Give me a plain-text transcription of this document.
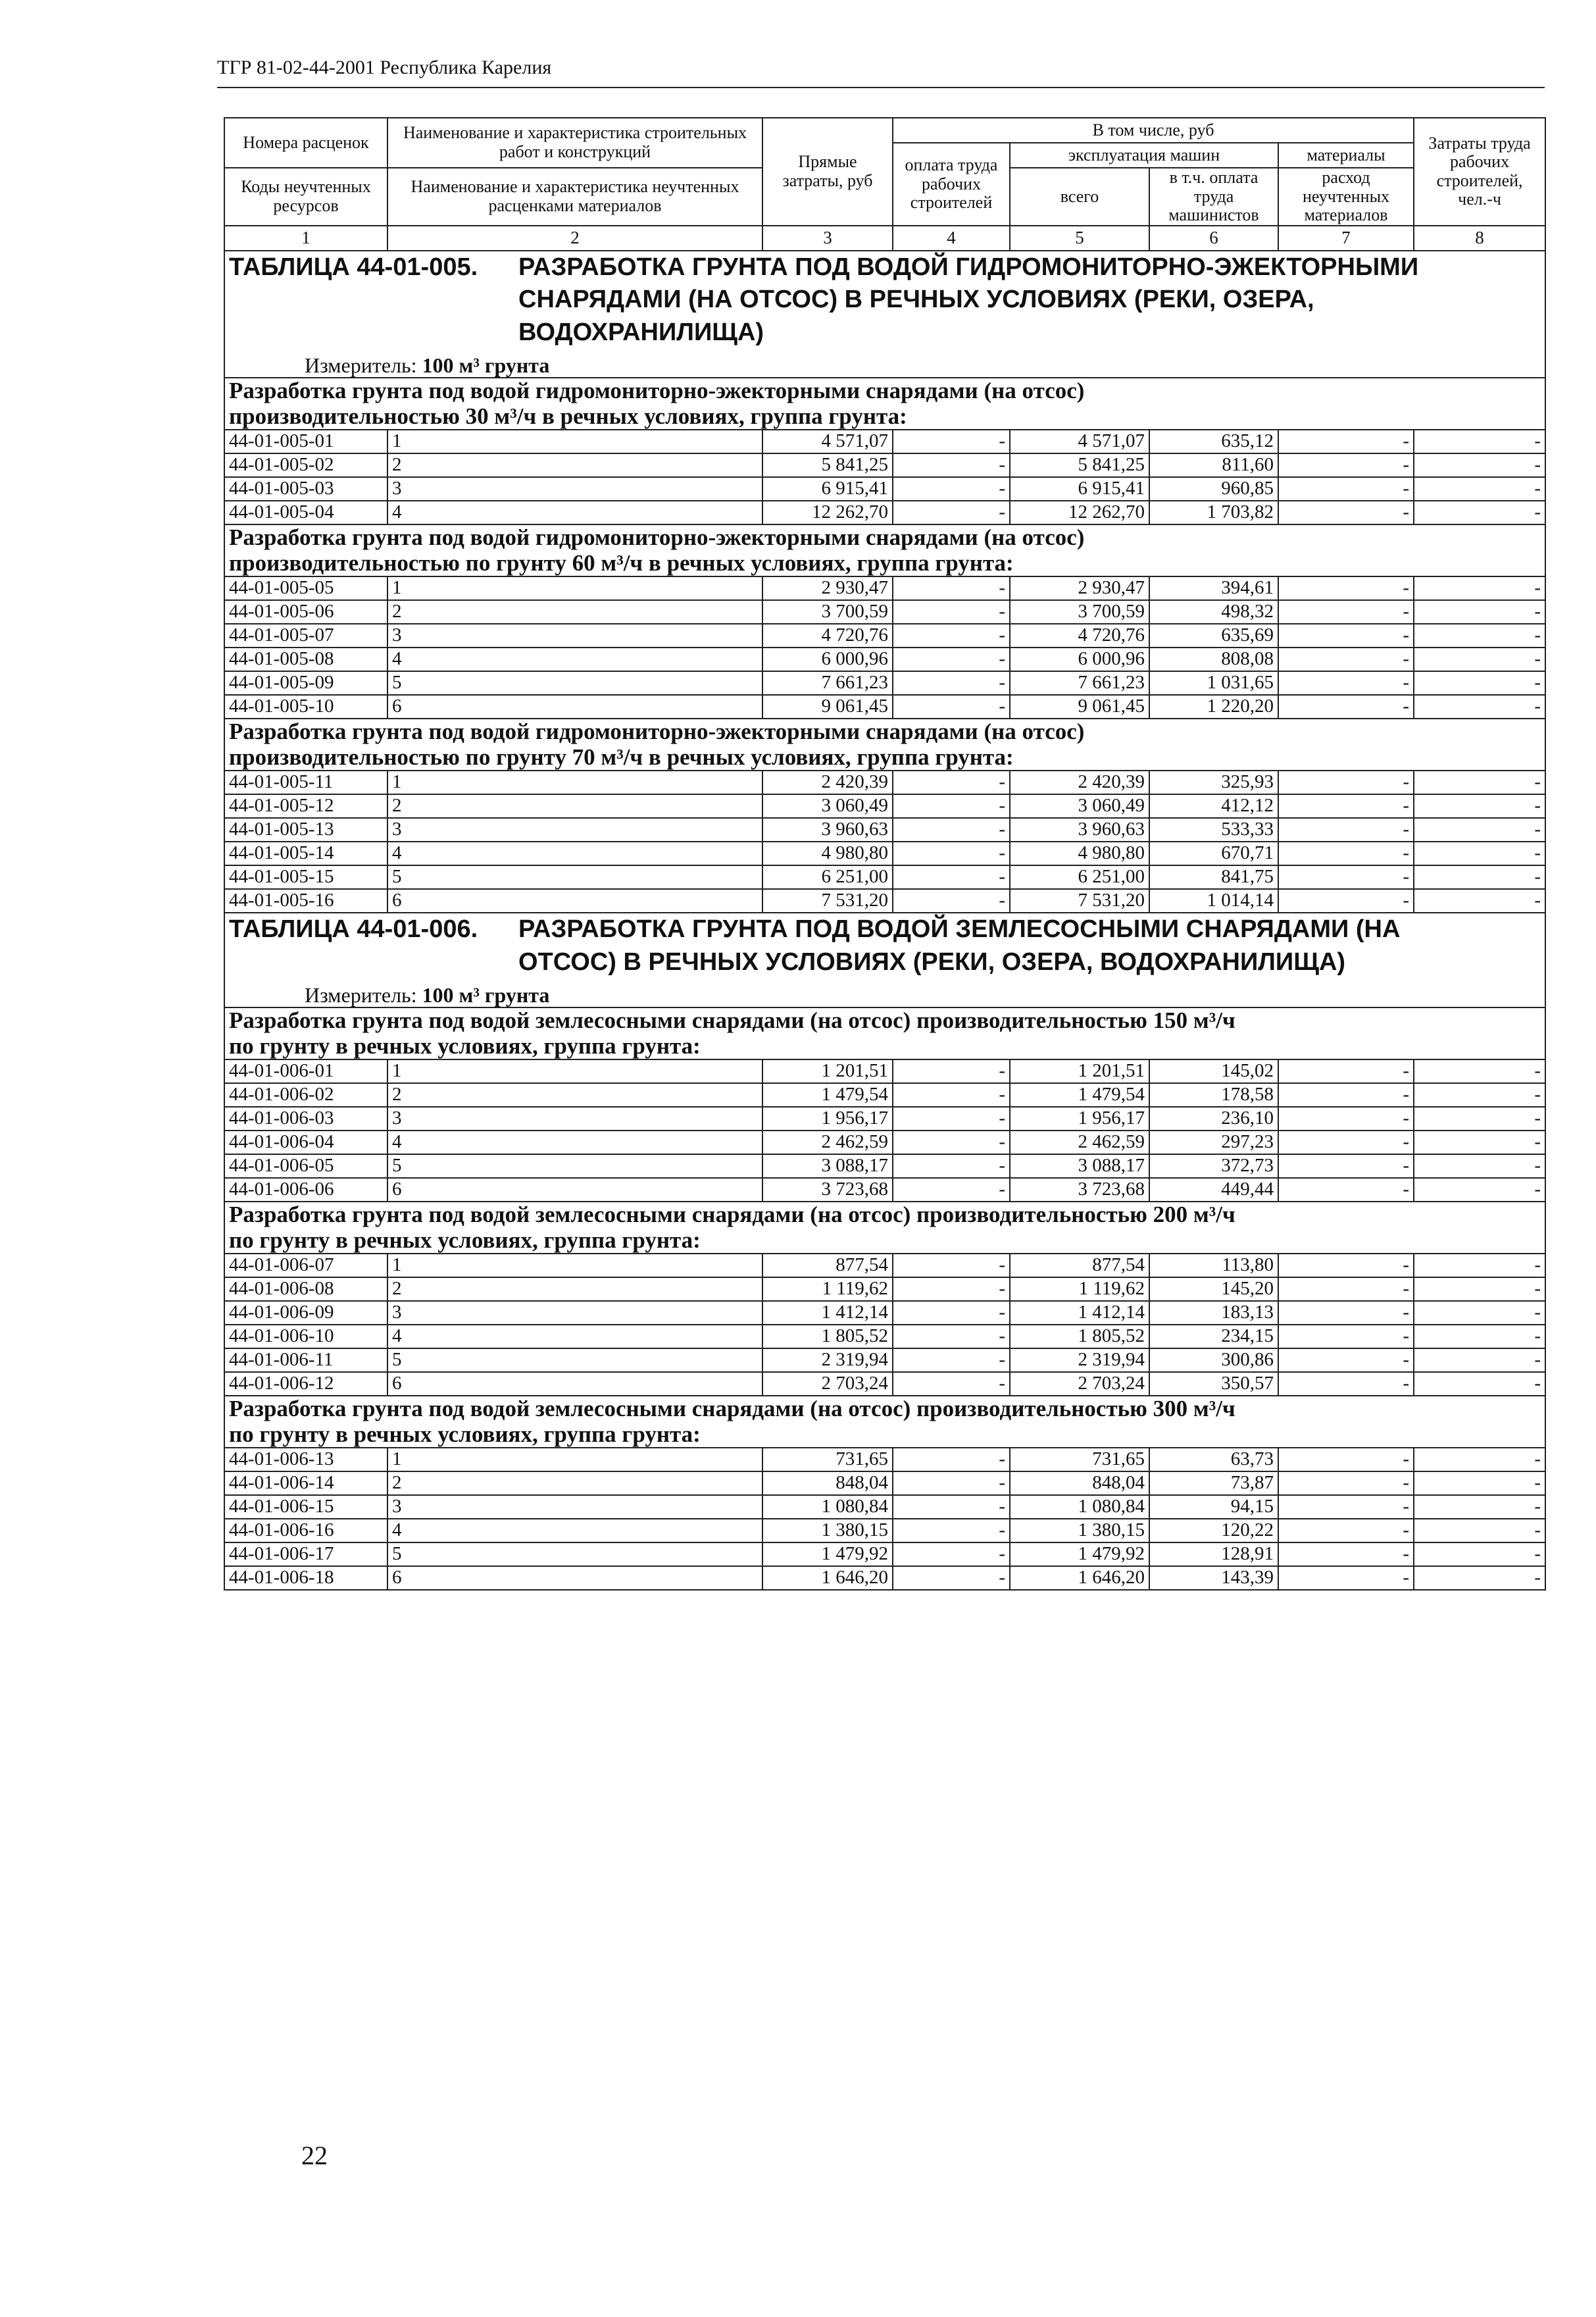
ТГР 81-02-44-2001 Республика Карелия
Номера расценок	Наименование и характеристика строительных работ и конструкций	Прямые затраты, руб	В том числе, руб				Затраты труда рабочих строителей, чел.-ч
			оплата труда рабочих строителей	эксплуатация машин		материалы	
Коды неучтенных ресурсов	Наименование и характеристика неучтенных расценками материалов			всего	в т.ч. оплата труда машинистов	расход неучтенных материалов	

1	2	3	4	5	6	7	8

ТАБЛИЦА 44-01-005. РАЗРАБОТКА ГРУНТА ПОД ВОДОЙ ГИДРОМОНИТОРНО-ЭЖЕКТОРНЫМИ
СНАРЯДАМИ (НА ОТСОС) В РЕЧНЫХ УСЛОВИЯХ (РЕКИ, ОЗЕРА,
ВОДОХРАНИЛИЩА)
Измеритель: 100 м³ грунта							

Разработка грунта под водой гидромониторно-эжекторными снарядами (на отсос)
производительностью 30 м³/ч в речных условиях, группа грунта:							

44-01-005-01	1	4 571,07	-	4 571,07	635,12	-	-
44-01-005-02	2	5 841,25	-	5 841,25	811,60	-	-
44-01-005-03	3	6 915,41	-	6 915,41	960,85	-	-
44-01-005-04	4	12 262,70	-	12 262,70	1 703,82	-	-

Разработка грунта под водой гидромониторно-эжекторными снарядами (на отсос)
производительностью по грунту 60 м³/ч в речных условиях, группа грунта:							

44-01-005-05	1	2 930,47	-	2 930,47	394,61	-	-
44-01-005-06	2	3 700,59	-	3 700,59	498,32	-	-
44-01-005-07	3	4 720,76	-	4 720,76	635,69	-	-
44-01-005-08	4	6 000,96	-	6 000,96	808,08	-	-
44-01-005-09	5	7 661,23	-	7 661,23	1 031,65	-	-
44-01-005-10	6	9 061,45	-	9 061,45	1 220,20	-	-

Разработка грунта под водой гидромониторно-эжекторными снарядами (на отсос)
производительностью по грунту 70 м³/ч в речных условиях, группа грунта:							

44-01-005-11	1	2 420,39	-	2 420,39	325,93	-	-
44-01-005-12	2	3 060,49	-	3 060,49	412,12	-	-
44-01-005-13	3	3 960,63	-	3 960,63	533,33	-	-
44-01-005-14	4	4 980,80	-	4 980,80	670,71	-	-
44-01-005-15	5	6 251,00	-	6 251,00	841,75	-	-
44-01-005-16	6	7 531,20	-	7 531,20	1 014,14	-	-

ТАБЛИЦА 44-01-006. РАЗРАБОТКА ГРУНТА ПОД ВОДОЙ ЗЕМЛЕСОСНЫМИ СНАРЯДАМИ (НА
ОТСОС) В РЕЧНЫХ УСЛОВИЯХ (РЕКИ, ОЗЕРА, ВОДОХРАНИЛИЩА)
Измеритель: 100 м³ грунта							

Разработка грунта под водой землесосными снарядами (на отсос) производительностью 150 м³/ч
по грунту в речных условиях, группа грунта:							

44-01-006-01	1	1 201,51	-	1 201,51	145,02	-	-
44-01-006-02	2	1 479,54	-	1 479,54	178,58	-	-
44-01-006-03	3	1 956,17	-	1 956,17	236,10	-	-
44-01-006-04	4	2 462,59	-	2 462,59	297,23	-	-
44-01-006-05	5	3 088,17	-	3 088,17	372,73	-	-
44-01-006-06	6	3 723,68	-	3 723,68	449,44	-	-

Разработка грунта под водой землесосными снарядами (на отсос) производительностью 200 м³/ч
по грунту в речных условиях, группа грунта:							

44-01-006-07	1	877,54	-	877,54	113,80	-	-
44-01-006-08	2	1 119,62	-	1 119,62	145,20	-	-
44-01-006-09	3	1 412,14	-	1 412,14	183,13	-	-
44-01-006-10	4	1 805,52	-	1 805,52	234,15	-	-
44-01-006-11	5	2 319,94	-	2 319,94	300,86	-	-
44-01-006-12	6	2 703,24	-	2 703,24	350,57	-	-

Разработка грунта под водой землесосными снарядами (на отсос) производительностью 300 м³/ч
по грунту в речных условиях, группа грунта:							

44-01-006-13	1	731,65	-	731,65	63,73	-	-
44-01-006-14	2	848,04	-	848,04	73,87	-	-
44-01-006-15	3	1 080,84	-	1 080,84	94,15	-	-
44-01-006-16	4	1 380,15	-	1 380,15	120,22	-	-
44-01-006-17	5	1 479,92	-	1 479,92	128,91	-	-
44-01-006-18	6	1 646,20	-	1 646,20	143,39	-	-
22
